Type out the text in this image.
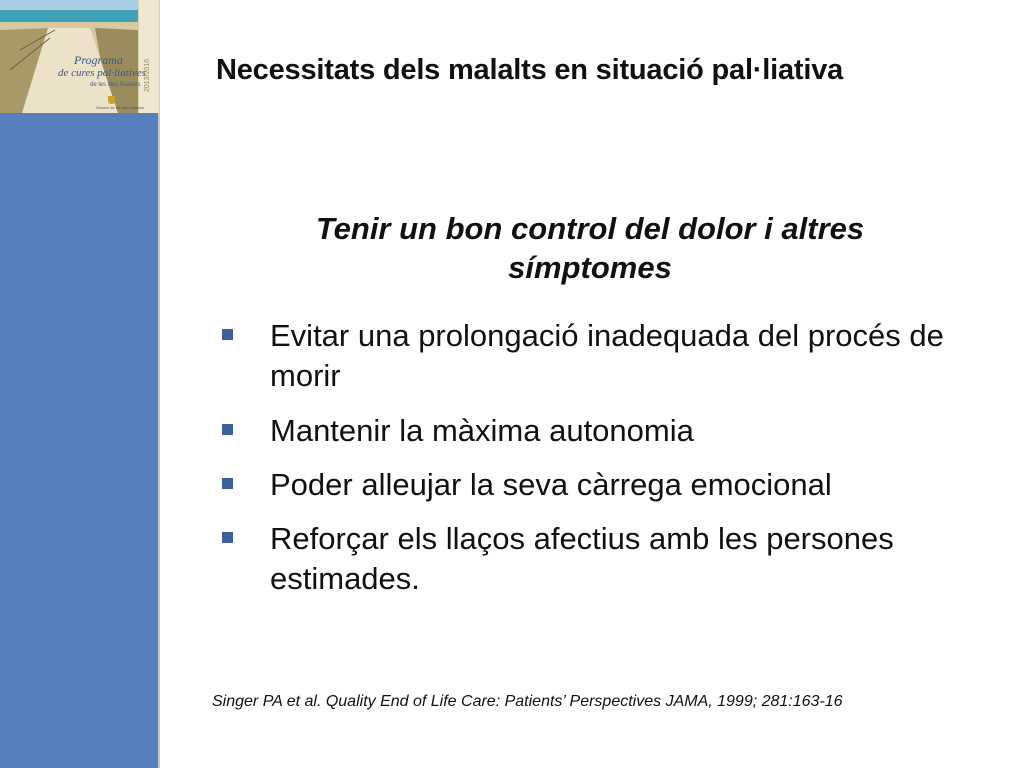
2013/2016
Programa
de cures pal·liatives
de les Illes Balears
Govern de les Illes Balears
Necessitats dels malalts en situació pal·liativa

Tenir un bon control del dolor i altres símptomes

Evitar una prolongació inadequada del procés de morir
Mantenir la màxima autonomia
Poder alleujar la seva càrrega emocional
Reforçar els llaços afectius amb les persones estimades.
Singer PA et al. Quality End of Life Care: Patients’ Perspectives JAMA, 1999; 281:163-16
